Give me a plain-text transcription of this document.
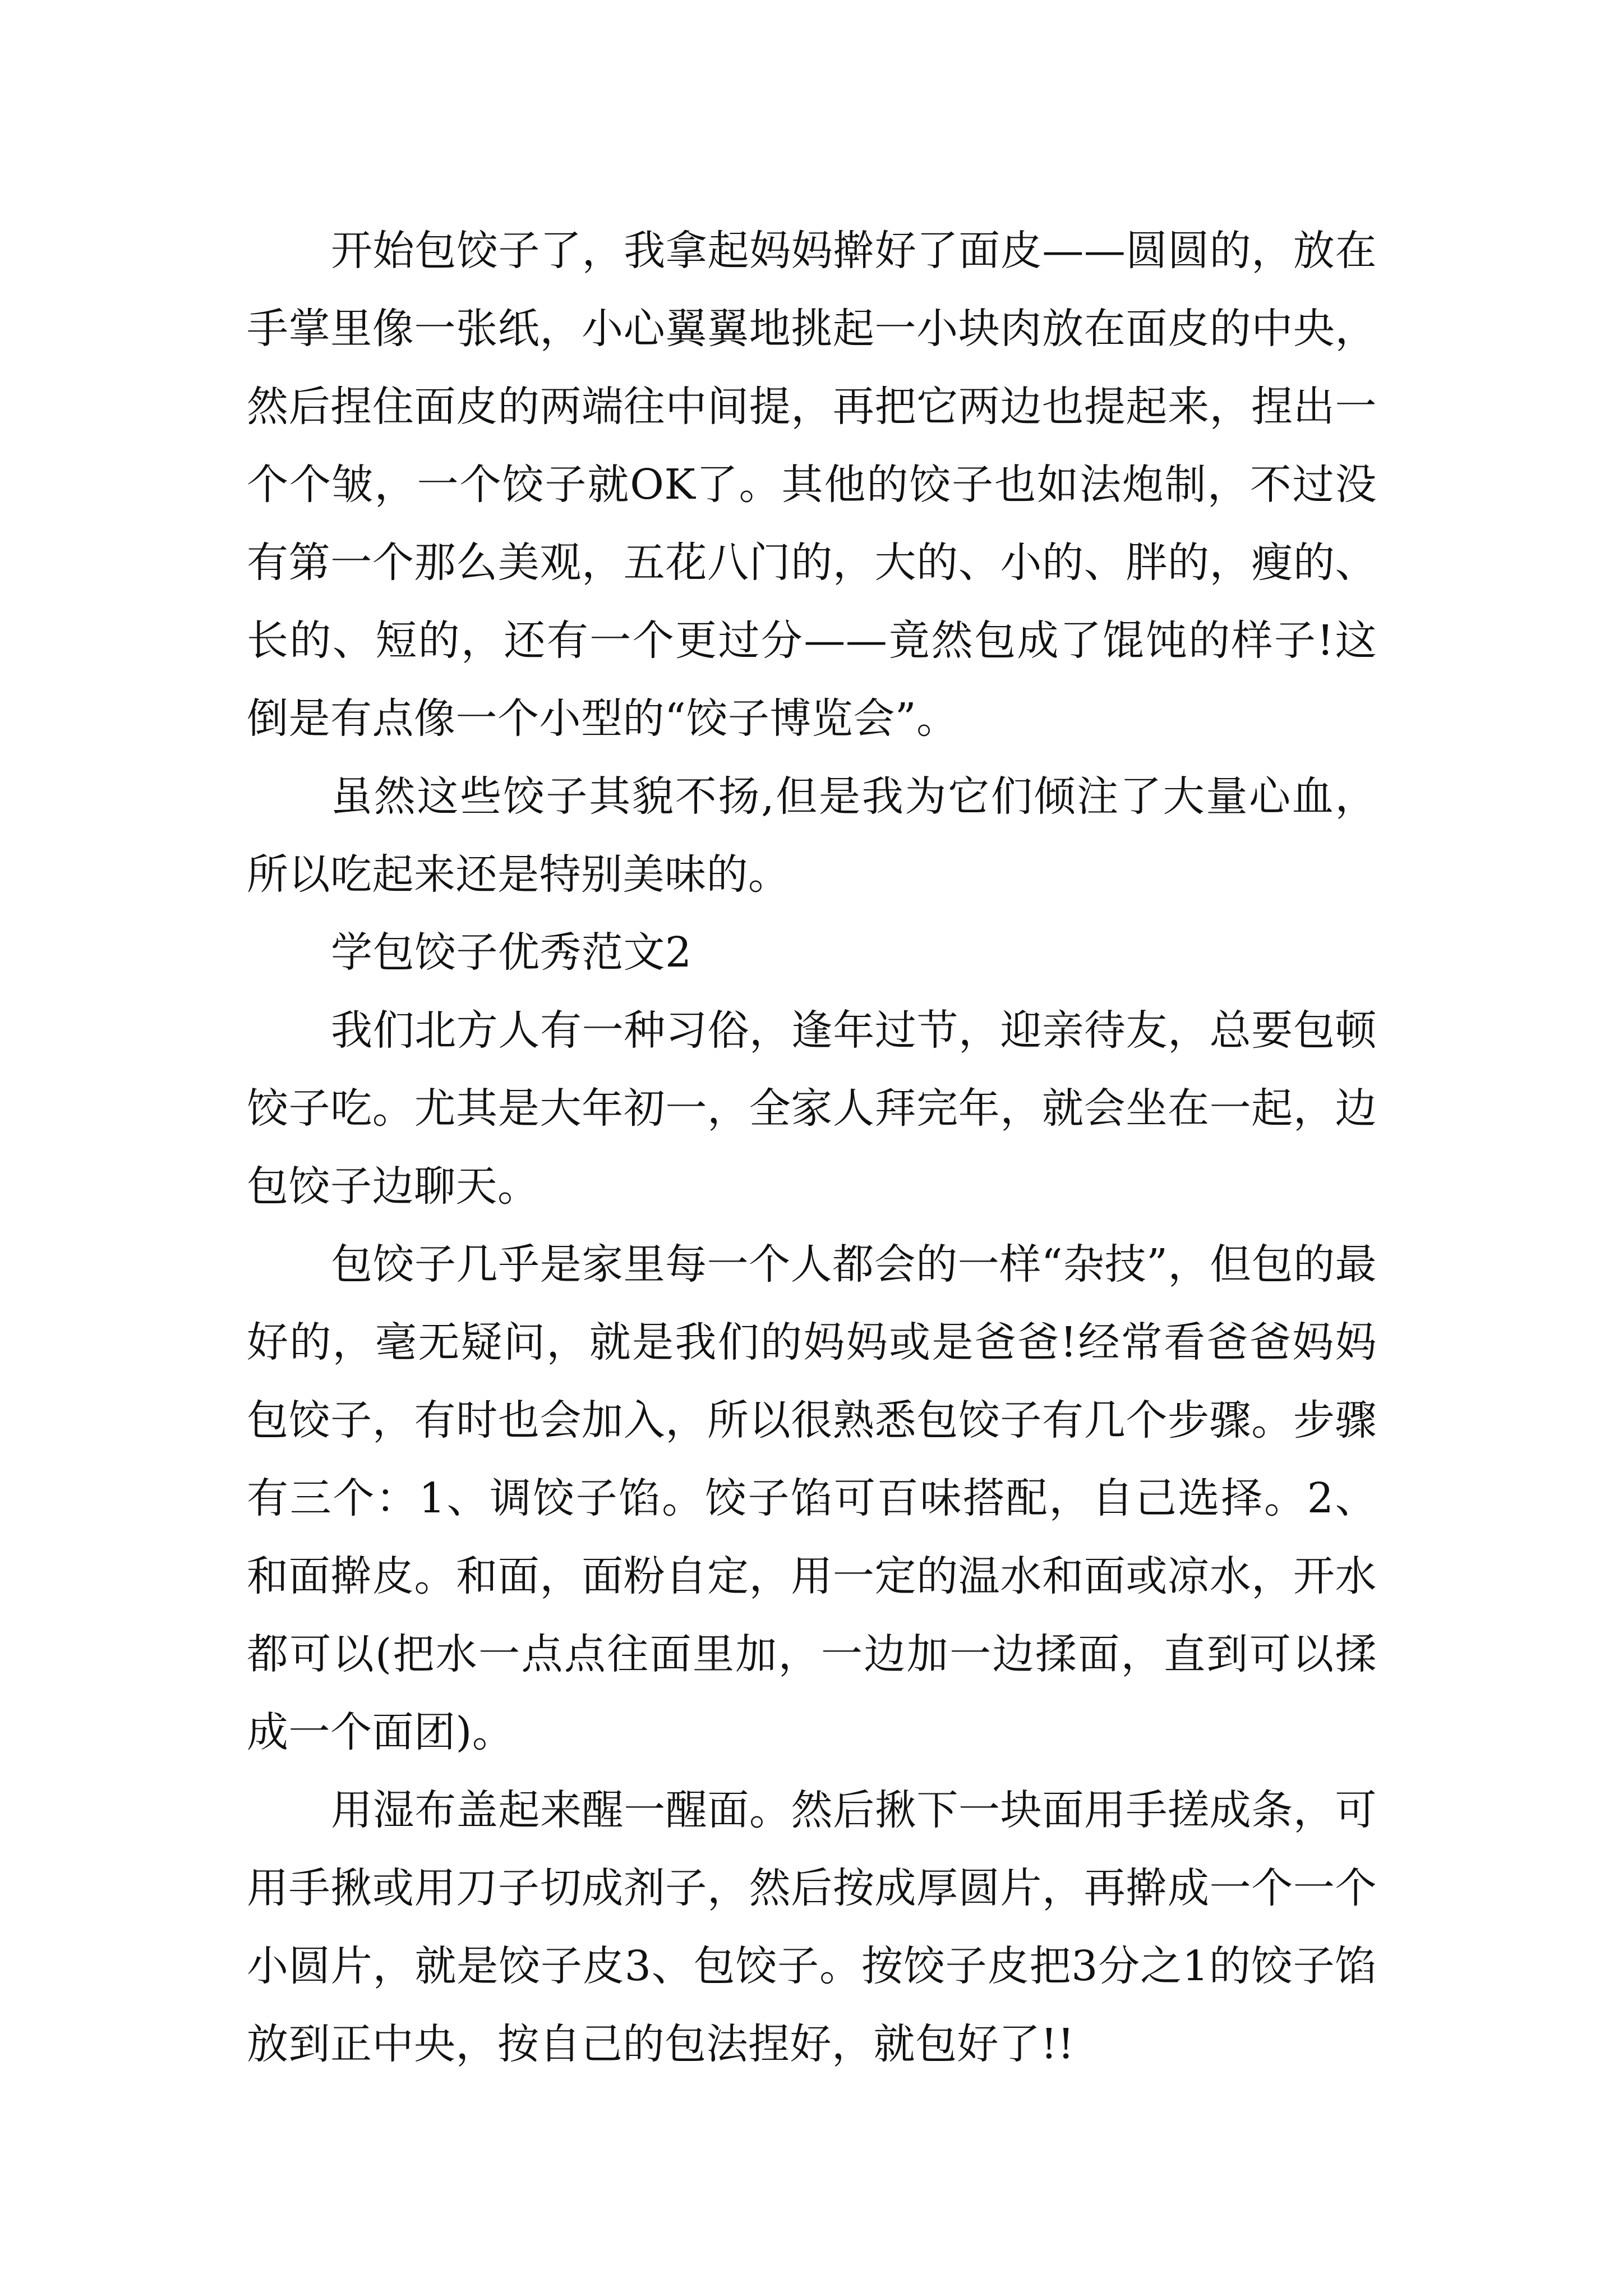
开始包饺子了，我拿起妈妈擀好了面皮——圆圆的，放在手掌里像一张纸，小心翼翼地挑起一小块肉放在面皮的中央，然后捏住面皮的两端往中间提，再把它两边也提起来，捏出一个个皱，一个饺子就OK了。其他的饺子也如法炮制，不过没有第一个那么美观，五花八门的，大的、小的、胖的，瘦的、长的、短的，还有一个更过分——竟然包成了馄饨的样子!这倒是有点像一个小型的“饺子博览会”。

虽然这些饺子其貌不扬,但是我为它们倾注了大量心血，所以吃起来还是特别美味的。

学包饺子优秀范文2

我们北方人有一种习俗，逢年过节，迎亲待友，总要包顿饺子吃。尤其是大年初一，全家人拜完年，就会坐在一起，边包饺子边聊天。

包饺子几乎是家里每一个人都会的一样“杂技”，但包的最好的，毫无疑问，就是我们的妈妈或是爸爸!经常看爸爸妈妈包饺子，有时也会加入，所以很熟悉包饺子有几个步骤。步骤有三个：1、调饺子馅。饺子馅可百味搭配，自己选择。2、和面擀皮。和面，面粉自定，用一定的温水和面或凉水，开水都可以(把水一点点往面里加，一边加一边揉面，直到可以揉成一个面团)。

用湿布盖起来醒一醒面。然后揪下一块面用手搓成条，可用手揪或用刀子切成剂子，然后按成厚圆片，再擀成一个一个小圆片，就是饺子皮3、包饺子。按饺子皮把3分之1的饺子馅放到正中央，按自己的包法捏好，就包好了!!
